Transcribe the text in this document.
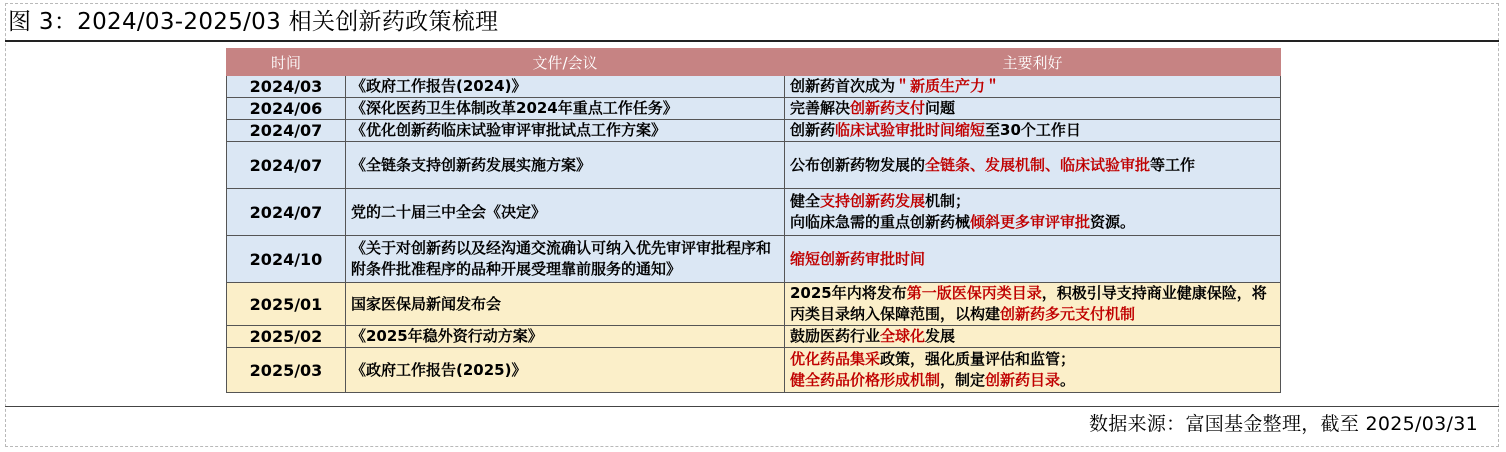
图 3：2024/03-2025/03 相关创新药政策梳理
时间	文件/会议	主要利好
2024/03	《政府工作报告(2024)》	创新药首次成为＂新质生产力＂
2024/06	《深化医药卫生体制改革2024年重点工作任务》	完善解决创新药支付问题
2024/07	《优化创新药临床试验审评审批试点工作方案》	创新药临床试验审批时间缩短至30个工作日
2024/07	《全链条支持创新药发展实施方案》	公布创新药物发展的全链条、发展机制、临床试验审批等工作
2024/07	党的二十届三中全会《决定》	健全支持创新药发展机制；
向临床急需的重点创新药械倾斜更多审评审批资源。
2024/10	《关于对创新药以及经沟通交流确认可纳入优先审评审批程序和附条件批准程序的品种开展受理靠前服务的通知》	缩短创新药审批时间
2025/01	国家医保局新闻发布会	2025年内将发布第一版医保丙类目录，积极引导支持商业健康保险，将丙类目录纳入保障范围，以构建创新药多元支付机制
2025/02	《2025年稳外资行动方案》	鼓励医药行业全球化发展
2025/03	《政府工作报告(2025)》	优化药品集采政策，强化质量评估和监管；
健全药品价格形成机制，制定创新药目录。
数据来源：富国基金整理，截至 2025/03/31
